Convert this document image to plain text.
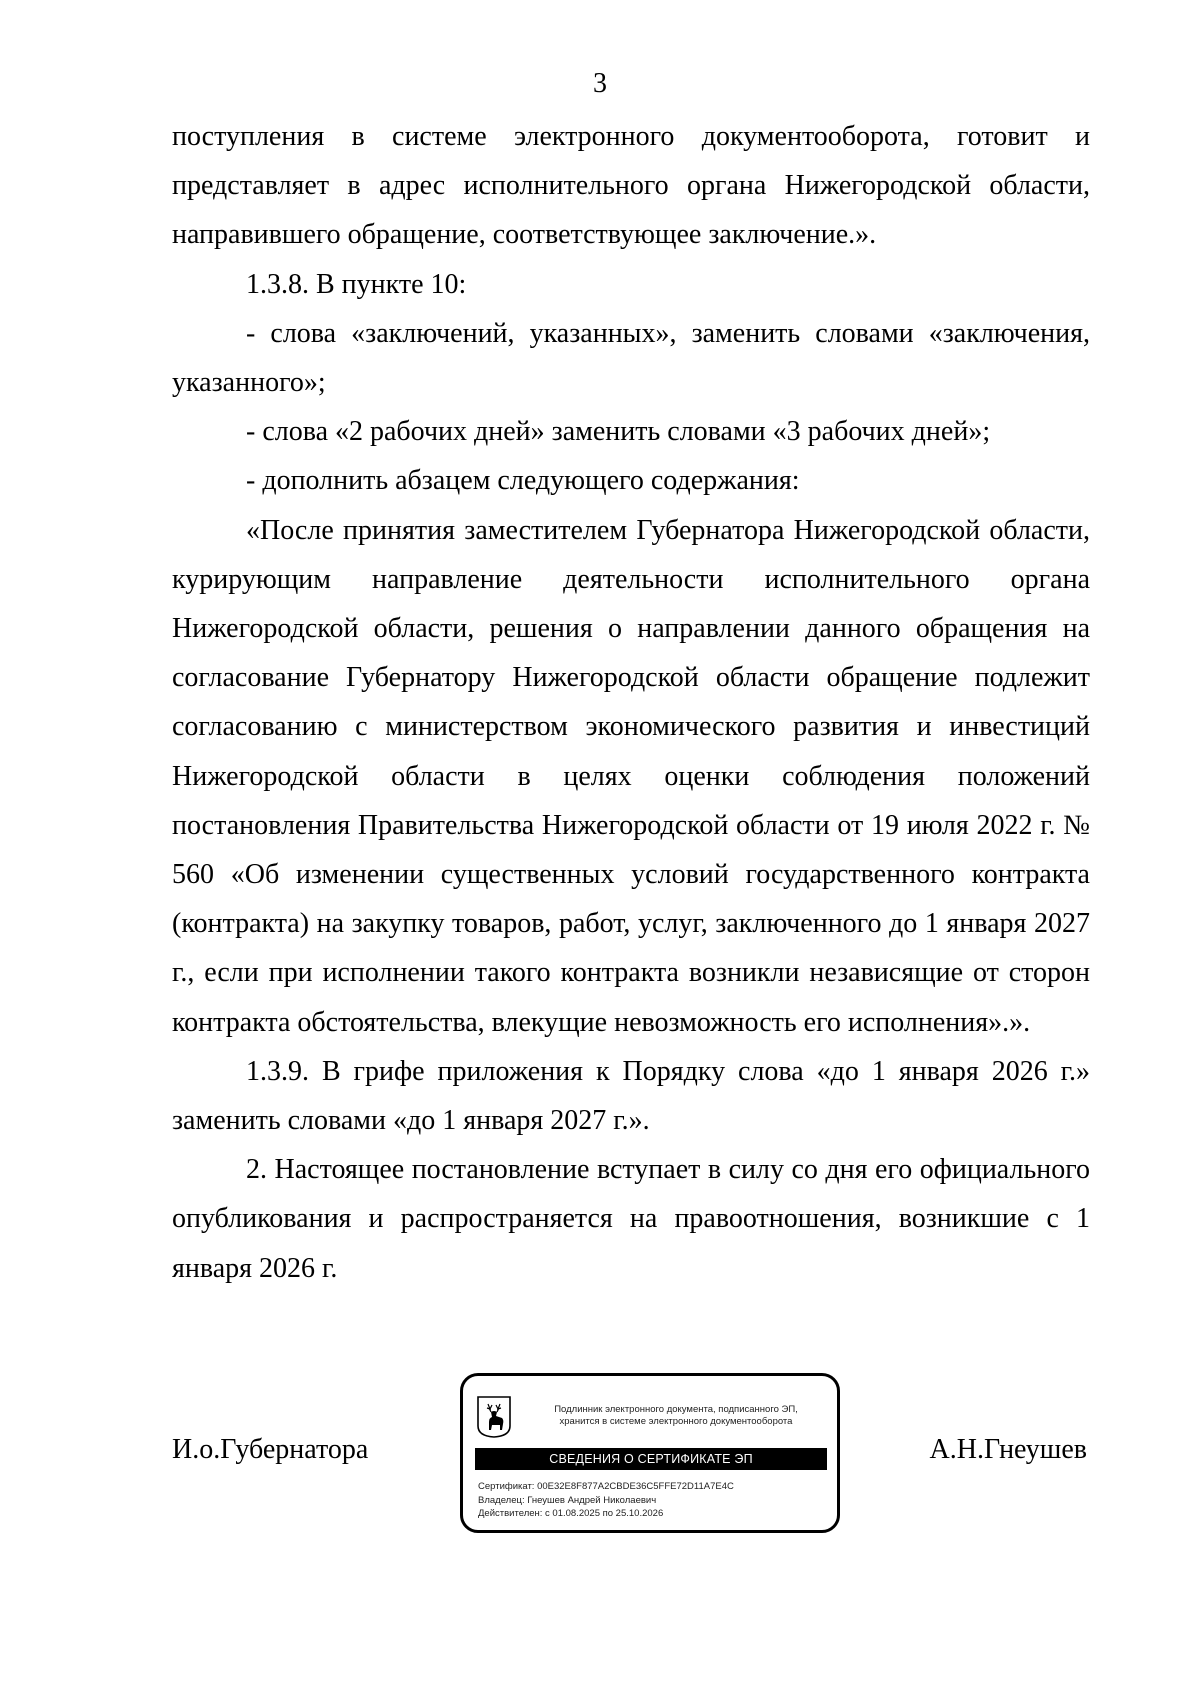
3

поступления в системе электронного документооборота, готовит и представляет в адрес исполнительного органа Нижегородской области, направившего обращение, соответствующее заключение.».

1.3.8. В пункте 10:

- слова «заключений, указанных», заменить словами «заключения, указанного»;

- слова «2 рабочих дней» заменить словами «3 рабочих дней»;

- дополнить абзацем следующего содержания:

«После принятия заместителем Губернатора Нижегородской области, курирующим направление деятельности исполнительного органа Нижегородской области, решения о направлении данного обращения на согласование Губернатору Нижегородской области обращение подлежит согласованию с министерством экономического развития и инвестиций Нижегородской области в целях оценки соблюдения положений постановления Правительства Нижегородской области от 19 июля 2022 г. № 560 «Об изменении существенных условий государственного контракта (контракта) на закупку товаров, работ, услуг, заключенного до 1 января 2027 г., если при исполнении такого контракта возникли независящие от сторон контракта обстоятельства, влекущие невозможность его исполнения».».

1.3.9. В грифе приложения к Порядку слова «до 1 января 2026 г.» заменить словами «до 1 января 2027 г.».

2. Настоящее постановление вступает в силу со дня его официального опубликования и распространяется на правоотношения, возникшие с 1 января 2026 г.

И.о.Губернатора	А.Н.Гнеушев
Подлинник электронного документа, подписанного ЭП,
хранится в системе электронного документооборота
СВЕДЕНИЯ О СЕРТИФИКАТЕ ЭП
Сертификат: 00E32E8F877A2CBDE36C5FFE72D11A7E4C
Владелец: Гнеушев Андрей Николаевич
Действителен: с 01.08.2025 по 25.10.2026
